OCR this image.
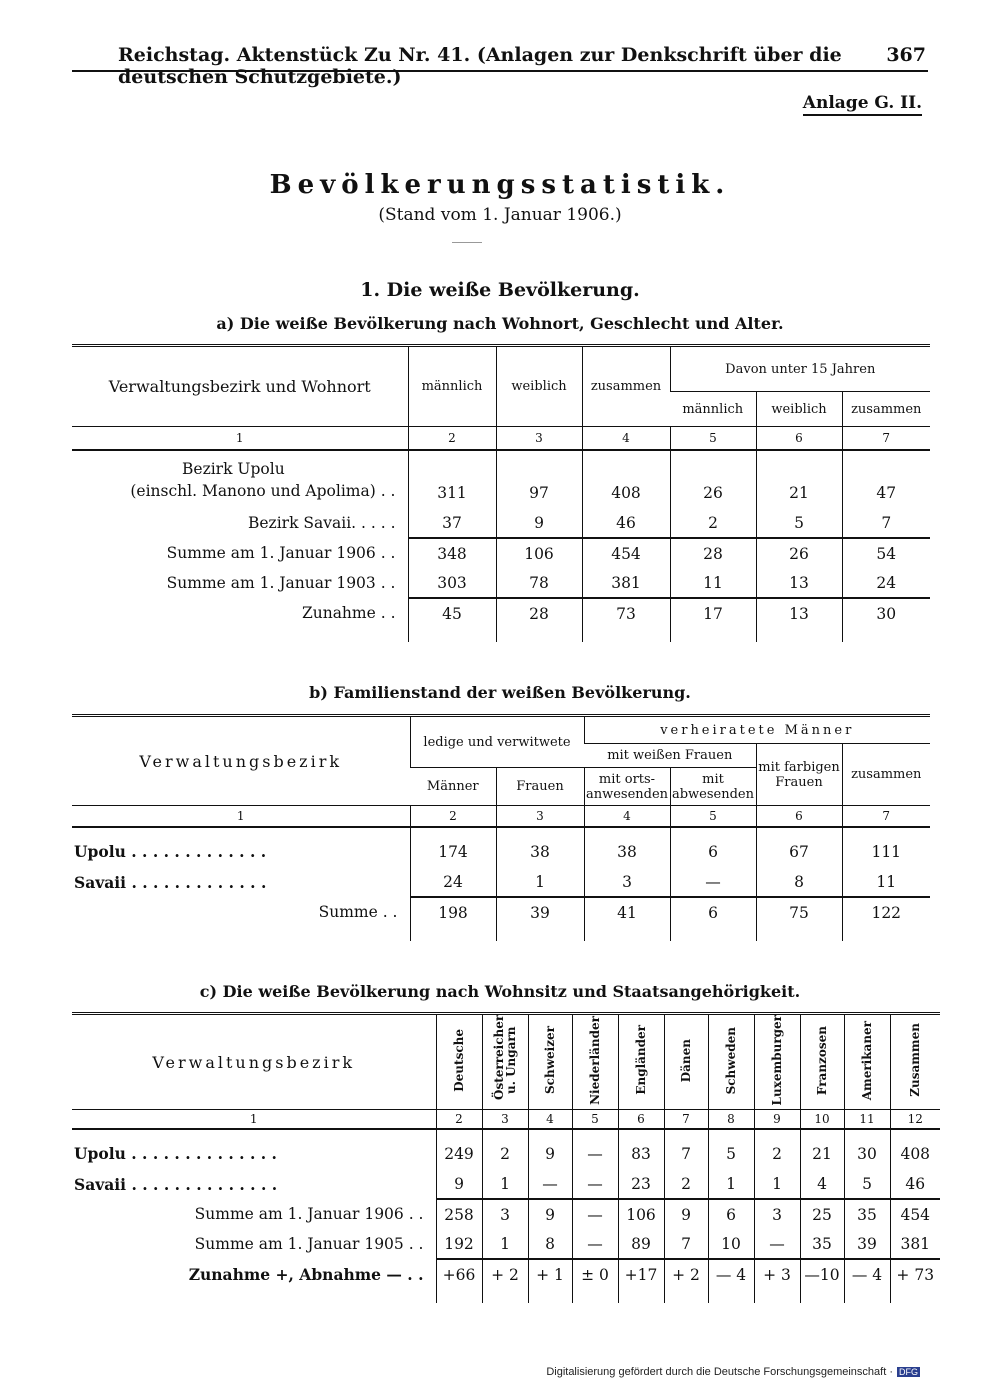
Reichstag. Aktenstück Zu Nr. 41. (Anlagen zur Denkschrift über die deutschen Schutzgebiete.)
367
Anlage G. II.
Bevölkerungsstatistik.
(Stand vom 1. Januar 1906.)
1. Die weiße Bevölkerung.
a) Die weiße Bevölkerung nach Wohnort, Geschlecht und Alter.
Verwaltungsbezirk und Wohnort	männlich	weiblich	zusammen	Davon unter 15 Jahren		
				männlich	weiblich	zusammen
1	2	3	4	5	6	7

Bezirk Upolu
(einschl. Manono und Apolima) . .	311	97	408	26	21	47
Bezirk Savaii. . . . .	37	9	46	2	5	7
Summe am 1. Januar 1906 . .	348	106	454	28	26	54
Summe am 1. Januar 1903 . .	303	78	381	11	13	24
Zunahme . .	45	28	73	17	13	30
b) Familienstand der weißen Bevölkerung.
Verwaltungsbezirk	ledige und verwitwete		verheiratete Männer			
			mit weißen Frauen		mit farbigen Frauen	zusammen
	Männer	Frauen	mit orts-anwesenden	mit abwesenden		
1	2	3	4	5	6	7
Upolu . . . . . . . . . . . . .	174	38	38	6	67	111
Savaii . . . . . . . . . . . . .	24	1	3	—	8	11
Summe . .	198	39	41	6	75	122
c) Die weiße Bevölkerung nach Wohnsitz und Staatsangehörigkeit.
Verwaltungsbezirk	Deutsche	Österreicher u. Ungarn	Schweizer	Niederländer	Engländer	Dänen	Schweden	Luxemburger	Franzosen	Amerikaner	Zusammen
1	2	3	4	5	6	7	8	9	10	11	12
Upolu . . . . . . . . . . . . . .	249	2	9	—	83	7	5	2	21	30	408
Savaii . . . . . . . . . . . . . .	9	1	—	—	23	2	1	1	4	5	46
Summe am 1. Januar 1906 . .	258	3	9	—	106	9	6	3	25	35	454
Summe am 1. Januar 1905 . .	192	1	8	—	89	7	10	—	35	39	381
Zunahme +, Abnahme — . .	+66	+ 2	+ 1	± 0	+17	+ 2	— 4	+ 3	—10	— 4	+ 73
Digitalisierung gefördert durch die Deutsche Forschungsgemeinschaft · DFG
